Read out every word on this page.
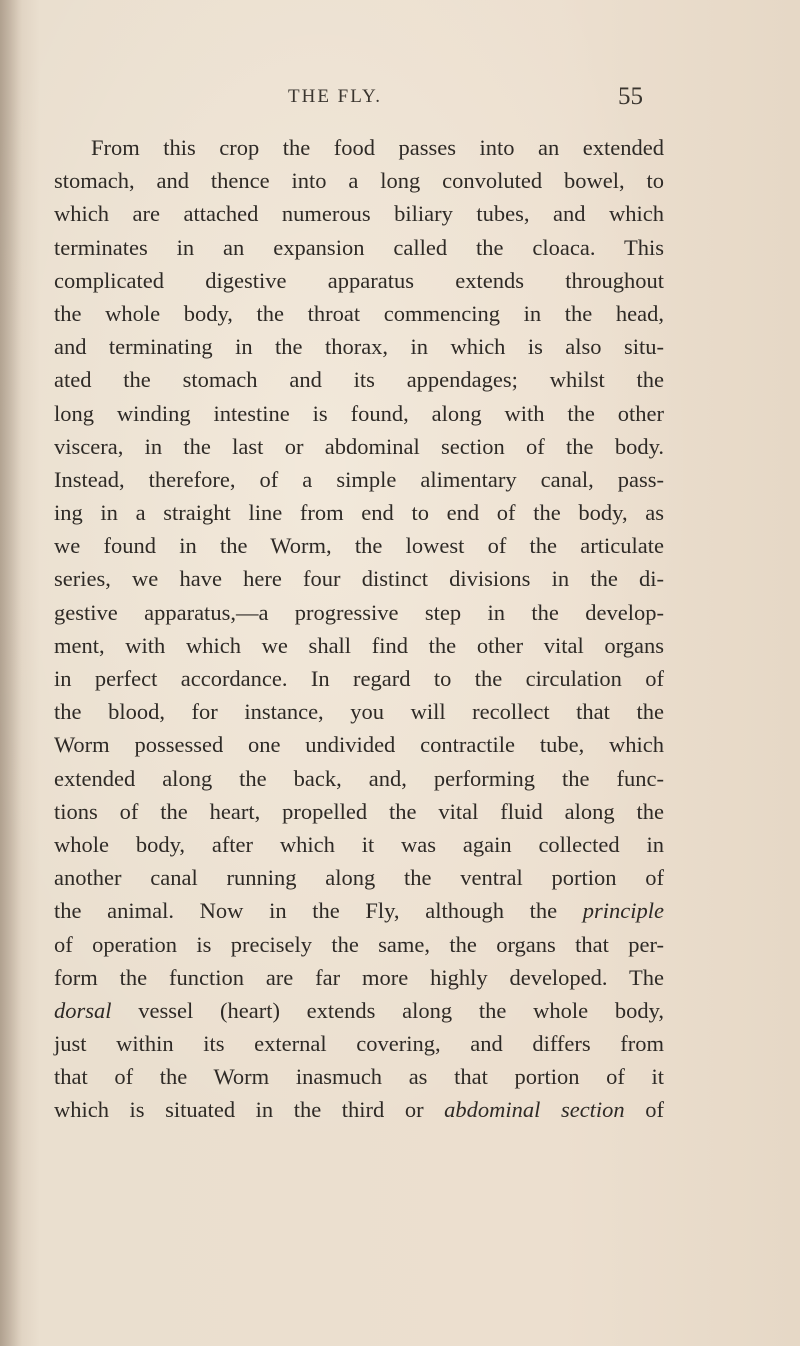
THE FLY.	55
From this crop the food passes into an extended
stomach, and thence into a long convoluted bowel, to
which are attached numerous biliary tubes, and which
terminates in an expansion called the cloaca. This
complicated digestive apparatus extends throughout
the whole body, the throat commencing in the head,
and terminating in the thorax, in which is also situ-
ated the stomach and its appendages; whilst the
long winding intestine is found, along with the other
viscera, in the last or abdominal section of the body.
Instead, therefore, of a simple alimentary canal, pass-
ing in a straight line from end to end of the body, as
we found in the Worm, the lowest of the articulate
series, we have here four distinct divisions in the di-
gestive apparatus,—a progressive step in the develop-
ment, with which we shall find the other vital organs
in perfect accordance. In regard to the circulation of
the blood, for instance, you will recollect that the
Worm possessed one undivided contractile tube, which
extended along the back, and, performing the func-
tions of the heart, propelled the vital fluid along the
whole body, after which it was again collected in
another canal running along the ventral portion of
the animal. Now in the Fly, although the principle
of operation is precisely the same, the organs that per-
form the function are far more highly developed. The
dorsal vessel (heart) extends along the whole body,
just within its external covering, and differs from
that of the Worm inasmuch as that portion of it
which is situated in the third or abdominal section of
